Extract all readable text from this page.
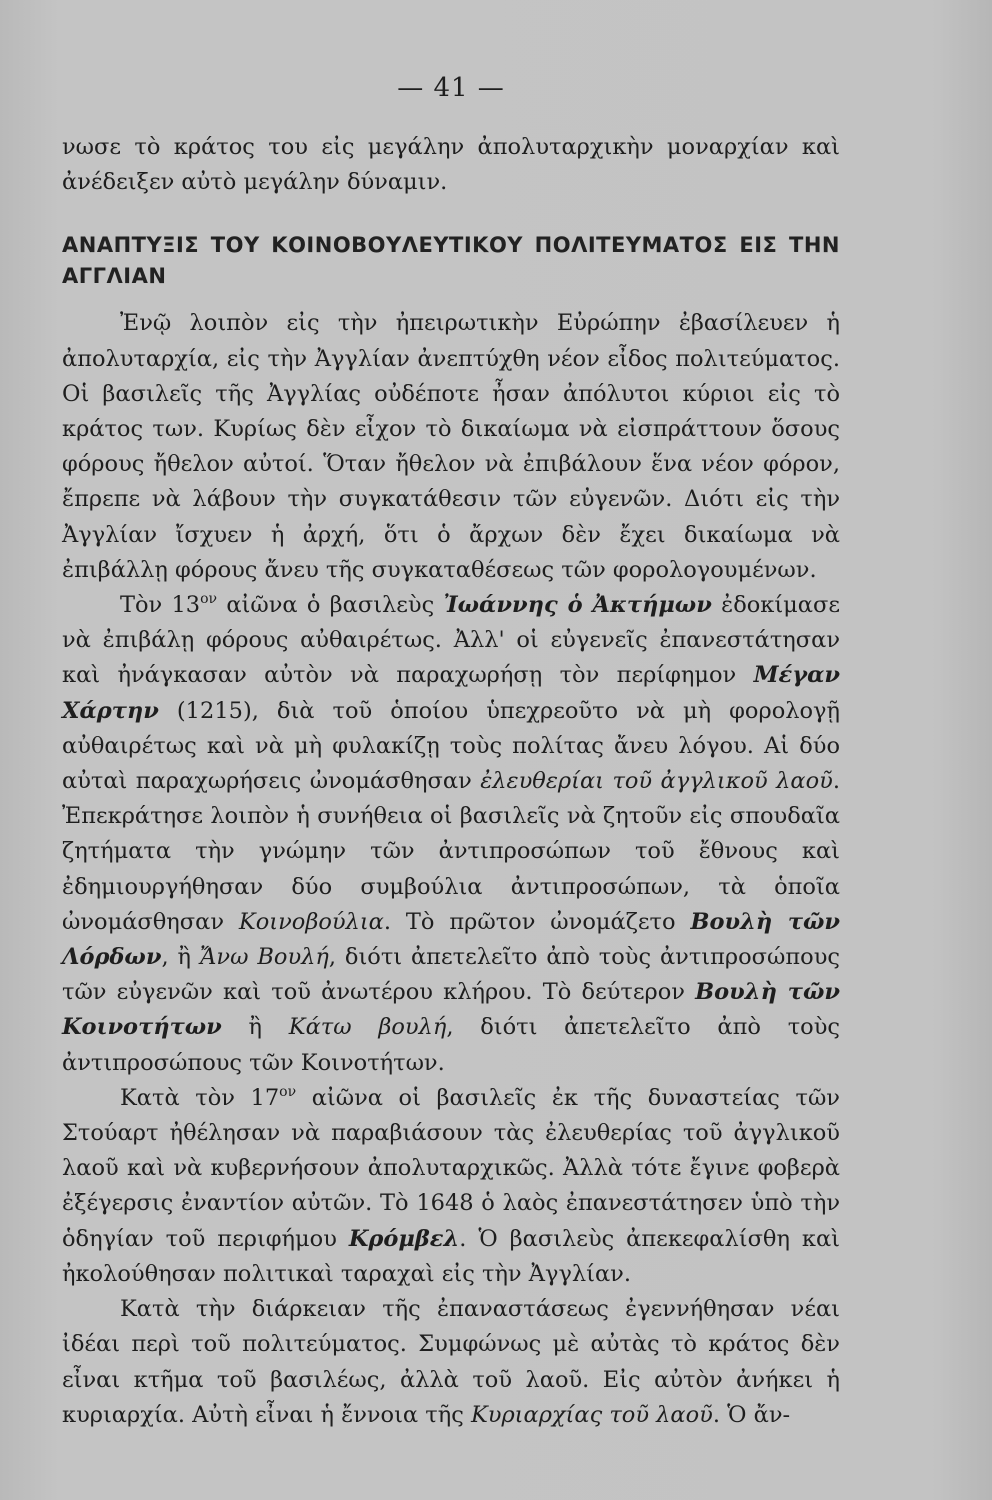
— 41 —

νωσε τὸ κράτος του εἰς μεγάλην ἀπολυταρχικὴν μοναρχίαν καὶ ἀνέδειξεν αὐτὸ μεγάλην δύναμιν.

ΑΝΑΠΤΥΞΙΣ ΤΟΥ ΚΟΙΝΟΒΟΥΛΕΥΤΙΚΟΥ ΠΟΛΙΤΕΥΜΑΤΟΣ ΕΙΣ ΤΗΝ ΑΓΓΛΙΑΝ

Ἐνῷ λοιπὸν εἰς τὴν ἠπειρωτικὴν Εὐρώπην ἐβασίλευεν ἡ ἀπολυταρχία, εἰς τὴν Ἀγγλίαν ἀνεπτύχθη νέον εἶδος πολιτεύματος. Οἱ βασιλεῖς τῆς Ἀγγλίας οὐδέποτε ἦσαν ἀπόλυτοι κύριοι εἰς τὸ κράτος των. Κυρίως δὲν εἶχον τὸ δικαίωμα νὰ εἰσπράττουν ὅσους φόρους ἤθελον αὐτοί. Ὅταν ἤθελον νὰ ἐπιβάλουν ἕνα νέον φόρον, ἔπρεπε νὰ λάβουν τὴν συγκατάθεσιν τῶν εὐγενῶν. Διότι εἰς τὴν Ἀγγλίαν ἴσχυεν ἡ ἀρχή, ὅτι ὁ ἄρχων δὲν ἔχει δικαίωμα νὰ ἐπιβάλλῃ φόρους ἄνευ τῆς συγκαταθέσεως τῶν φορολογουμένων.

Τὸν $13^{o\nu}$ αἰῶνα ὁ βασιλεὺς Ἰωάννης ὁ Ἀκτήμων ἐδοκίμασε νὰ ἐπιβάλῃ φόρους αὐθαιρέτως. Ἀλλ' οἱ εὐγενεῖς ἐπανεστάτησαν καὶ ἠνάγκασαν αὐτὸν νὰ παραχωρήσῃ τὸν περίφημον Μέγαν Χάρτην (1215), διὰ τοῦ ὁποίου ὑπεχρεοῦτο νὰ μὴ φορολογῇ αὐθαιρέτως καὶ νὰ μὴ φυλακίζῃ τοὺς πολίτας ἄνευ λόγου. Αἱ δύο αὐταὶ παραχωρήσεις ὠνομάσθησαν ἐλευθερίαι τοῦ ἀγγλικοῦ λαοῦ. Ἐπεκράτησε λοιπὸν ἡ συνήθεια οἱ βασιλεῖς νὰ ζητοῦν εἰς σπουδαῖα ζητήματα τὴν γνώμην τῶν ἀντιπροσώπων τοῦ ἔθνους καὶ ἐδημιουργήθησαν δύο συμβούλια ἀντιπροσώπων, τὰ ὁποῖα ὠνομάσθησαν Κοινοβούλια. Τὸ πρῶτον ὠνομάζετο Βουλὴ τῶν Λόρδων, ἢ Ἄνω Βουλή, διότι ἀπετελεῖτο ἀπὸ τοὺς ἀντιπροσώπους τῶν εὐγενῶν καὶ τοῦ ἀνωτέρου κλήρου. Τὸ δεύτερον Βουλὴ τῶν Κοινοτήτων ἢ Κάτω βουλή, διότι ἀπετελεῖτο ἀπὸ τοὺς ἀντιπροσώπους τῶν Κοινοτήτων.

Κατὰ τὸν $17^{o\nu}$ αἰῶνα οἱ βασιλεῖς ἐκ τῆς δυναστείας τῶν Στούαρτ ἠθέλησαν νὰ παραβιάσουν τὰς ἐλευθερίας τοῦ ἀγγλικοῦ λαοῦ καὶ νὰ κυβερνήσουν ἀπολυταρχικῶς. Ἀλλὰ τότε ἔγινε φοβερὰ ἐξέγερσις ἐναντίον αὐτῶν. Τὸ 1648 ὁ λαὸς ἐπανεστάτησεν ὑπὸ τὴν ὁδηγίαν τοῦ περιφήμου Κρόμβελ. Ὁ βασιλεὺς ἀπεκεφαλίσθη καὶ ἠκολούθησαν πολιτικαὶ ταραχαὶ εἰς τὴν Ἀγγλίαν.

Κατὰ τὴν διάρκειαν τῆς ἐπαναστάσεως ἐγεννήθησαν νέαι ἰδέαι περὶ τοῦ πολιτεύματος. Συμφώνως μὲ αὐτὰς τὸ κράτος δὲν εἶναι κτῆμα τοῦ βασιλέως, ἀλλὰ τοῦ λαοῦ. Εἰς αὐτὸν ἀνήκει ἡ κυριαρχία. Αὐτὴ εἶναι ἡ ἔννοια τῆς Κυριαρχίας τοῦ λαοῦ. Ὁ ἄν-
